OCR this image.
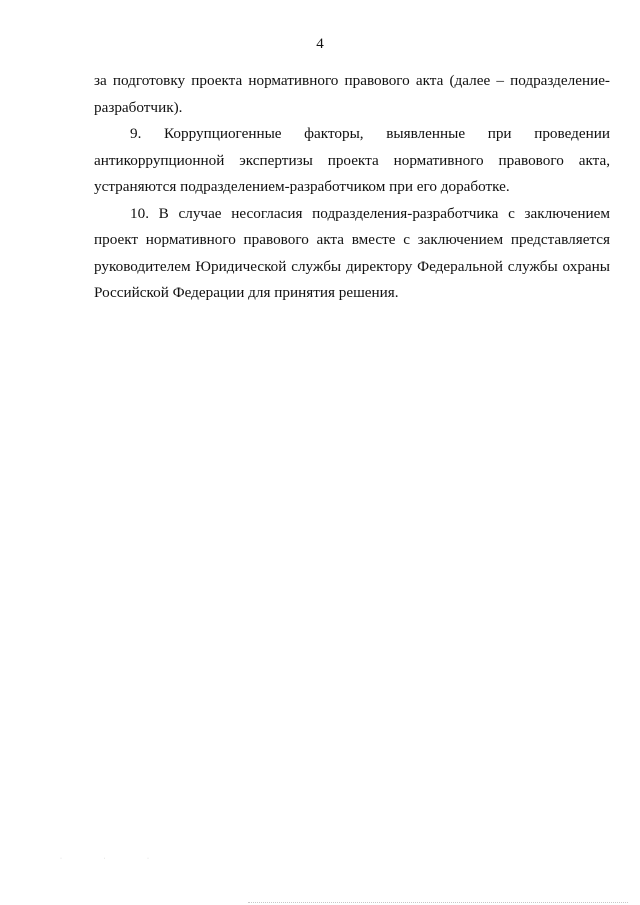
4

за подготовку проекта нормативного правового акта (далее – подразделение-разработчик).

9. Коррупциогенные факторы, выявленные при проведении антикоррупционной экспертизы проекта нормативного правового акта, устраняются подразделением-разработчиком при его доработке.

10. В случае несогласия подразделения-разработчика с заключением проект нормативного правового акта вместе с заключением представляется руководителем Юридической службы директору Федеральной службы охраны Российской Федерации для принятия решения.

· · ·
